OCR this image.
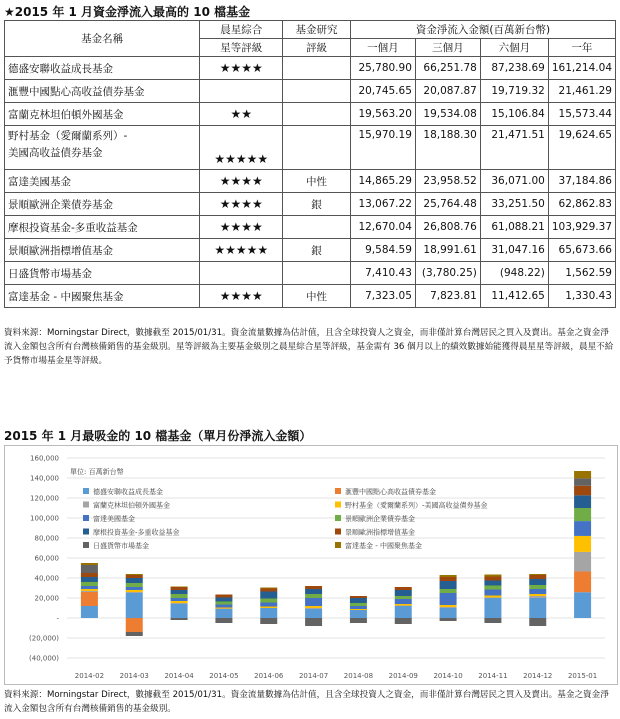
★2015 年 1 月資金淨流入最高的 10 檔基金
基金名稱	晨星綜合	基金研究	資金淨流入金額(百萬新台幣)			
	星等評級	評級	一個月	三個月	六個月	一年
德盛安聯收益成長基金	★★★★		25,780.90	66,251.78	87,238.69	161,214.04
滙豐中國點心高收益債券基金			20,745.65	20,087.87	19,719.32	21,461.29
富蘭克林坦伯頓外國基金	★★		19,563.20	19,534.08	15,106.84	15,573.44

野村基金（愛爾蘭系列）-
美國高收益債券基金	★★★★★		15,970.19	18,188.30	21,471.51	19,624.65
富達美國基金	★★★★	中性	14,865.29	23,958.52	36,071.00	37,184.86
景順歐洲企業債券基金	★★★★	銀	13,067.22	25,764.48	33,251.50	62,862.83
摩根投資基金-多重收益基金	★★★★		12,670.04	26,808.76	61,088.21	103,929.37
景順歐洲指標增值基金	★★★★★	銀	9,584.59	18,991.61	31,047.16	65,673.66
日盛貨幣市場基金			7,410.43	(3,780.25)	(948.22)	1,562.59
富達基金 - 中國聚焦基金	★★★★	中性	7,323.05	7,823.81	11,412.65	1,330.43
資料來源：Morningstar Direct，數據截至 2015/01/31。資金流量數據為估計值，且含全球投資人之資金，而非僅計算台灣居民之買入及賣出。基金之資金淨流入金額包含所有台灣核備銷售的基金級別。星等評級為主要基金級別之晨星綜合星等評級，基金需有 36 個月以上的績效數據始能獲得晨星星等評級，晨星不給予貨幣市場基金星等評級。
2015 年 1 月最吸金的 10 檔基金（單月份淨流入金額）
(40,000)
(20,000)
-
20,000
40,000
60,000
80,000
100,000
120,000
140,000
160,000
2014-02 2014-03 2014-04 2014-05 2014-06 2014-07 2014-08 2014-09 2014-10 2014-11 2014-12 2015-01
單位: 百萬新台幣
德盛安聯收益成長基金	滙豐中國點心高收益債券基金
富蘭克林坦伯頓外國基金	野村基金（愛爾蘭系列）-美國高收益債券基金
富達美國基金	景順歐洲企業債券基金
摩根投資基金-多重收益基金	景順歐洲指標增值基金
日盛貨幣市場基金	富達基金 - 中國聚焦基金
資料來源：Morningstar Direct，數據截至 2015/01/31。資金流量數據為估計值，且含全球投資人之資金，而非僅計算台灣居民之買入及賣出。基金之資金淨流入金額包含所有台灣核備銷售的基金級別。
